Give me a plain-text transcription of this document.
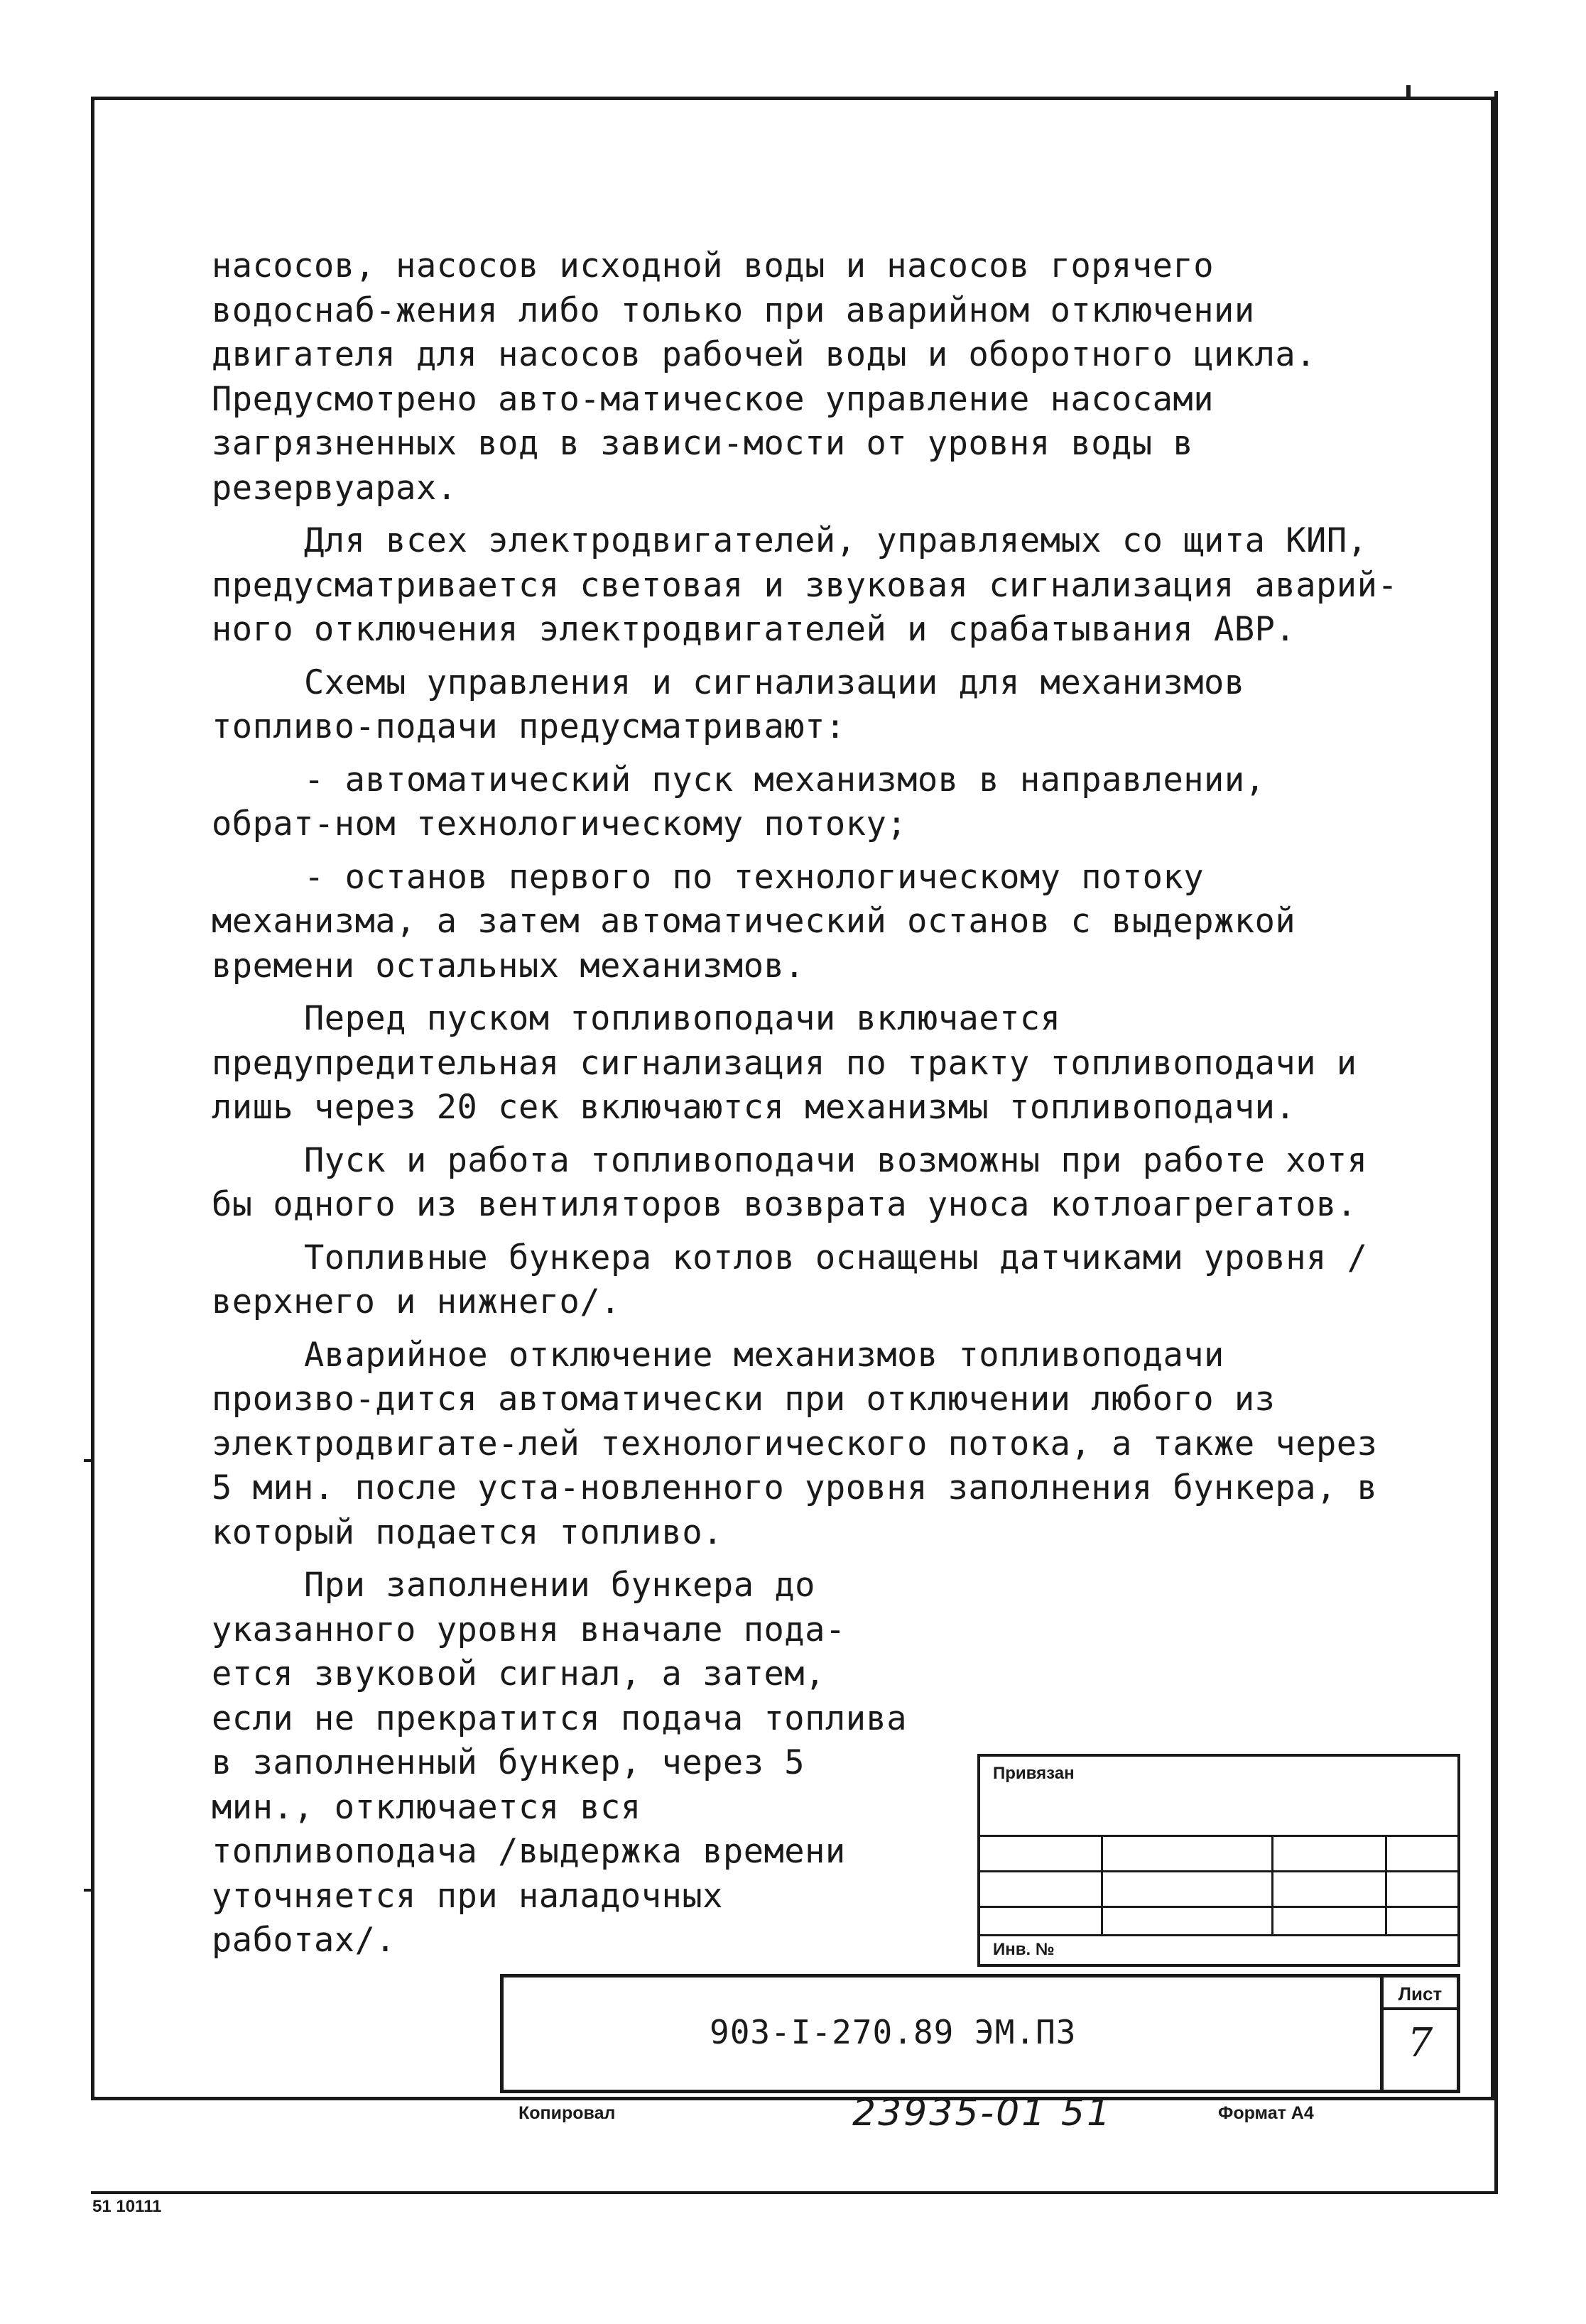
насосов, насосов исходной воды и насосов горячего водоснаб-жения либо только при аварийном отключении двигателя для насосов рабочей воды и оборотного цикла. Предусмотрено авто-матическое управление насосами загрязненных вод в зависи-мости от уровня воды в резервуарах.

Для всех электродвигателей, управляемых со щита КИП, предусматривается световая и звуковая сигнализация аварий-ного отключения электродвигателей и срабатывания АВР.

Схемы управления и сигнализации для механизмов топливо-подачи предусматривают:

- автоматический пуск механизмов в направлении, обрат-ном технологическому потоку;

- останов первого по технологическому потоку механизма, а затем автоматический останов с выдержкой времени остальных механизмов.

Перед пуском топливоподачи включается предупредительная сигнализация по тракту топливоподачи и лишь через 20 сек включаются механизмы топливоподачи.

Пуск и работа топливоподачи возможны при работе хотя бы одного из вентиляторов возврата уноса котлоагрегатов.

Топливные бункера котлов оснащены датчиками уровня /верхнего и нижнего/.

Аварийное отключение механизмов топливоподачи произво-дится автоматически при отключении любого из электродвигате-лей технологического потока, а также через 5 мин. после уста-новленного уровня заполнения бункера, в который подается топливо.

При заполнении бункера до указанного уровня вначале пода-ется звуковой сигнал, а затем, если не прекратится подача топлива в заполненный бункер, через 5 мин., отключается вся топливоподача /выдержка времени уточняется при наладочных работах/.

Привязан
Инв. №
903-I-270.89 ЭМ.ПЗ
Лист
7
Копировал	23935-01 51	Формат А4
51 10111
